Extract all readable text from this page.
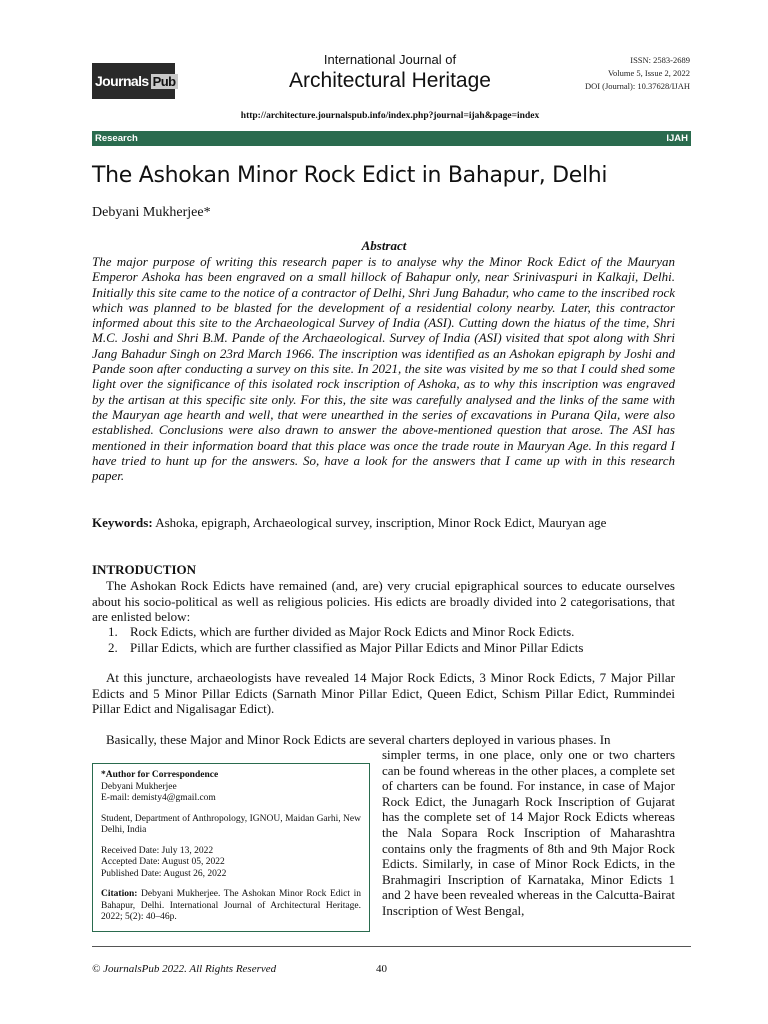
Journals Pub
International Journal of
Architectural Heritage
ISSN: 2583-2689
Volume 5, Issue 2, 2022
DOI (Journal): 10.37628/IJAH
http://architecture.journalspub.info/index.php?journal=ijah&page=index
Research	IJAH
The Ashokan Minor Rock Edict in Bahapur, Delhi
Debyani Mukherjee*
Abstract

The major purpose of writing this research paper is to analyse why the Minor Rock Edict of the Mauryan Emperor Ashoka has been engraved on a small hillock of Bahapur only, near Srinivaspuri in Kalkaji, Delhi. Initially this site came to the notice of a contractor of Delhi, Shri Jung Bahadur, who came to the inscribed rock which was planned to be blasted for the development of a residential colony nearby. Later, this contractor informed about this site to the Archaeological Survey of India (ASI). Cutting down the hiatus of the time, Shri M.C. Joshi and Shri B.M. Pande of the Archaeological. Survey of India (ASI) visited that spot along with Shri Jang Bahadur Singh on 23rd March 1966. The inscription was identified as an Ashokan epigraph by Joshi and Pande soon after conducting a survey on this site. In 2021, the site was visited by me so that I could shed some light over the significance of this isolated rock inscription of Ashoka, as to why this inscription was engraved by the artisan at this specific site only. For this, the site was carefully analysed and the links of the same with the Mauryan age hearth and well, that were unearthed in the series of excavations in Purana Qila, were also established. Conclusions were also drawn to answer the above-mentioned question that arose. The ASI has mentioned in their information board that this place was once the trade route in Mauryan Age. In this regard I have tried to hunt up for the answers. So, have a look for the answers that I came up with in this research paper.

Keywords: Ashoka, epigraph, Archaeological survey, inscription, Minor Rock Edict, Mauryan age
INTRODUCTION

The Ashokan Rock Edicts have remained (and, are) very crucial epigraphical sources to educate ourselves about his socio-political as well as religious policies. His edicts are broadly divided into 2 categorisations, that are enlisted below:

1. Rock Edicts, which are further divided as Major Rock Edicts and Minor Rock Edicts.
2. Pillar Edicts, which are further classified as Major Pillar Edicts and Minor Pillar Edicts

At this juncture, archaeologists have revealed 14 Major Rock Edicts, 3 Minor Rock Edicts, 7 Major Pillar Edicts and 5 Minor Pillar Edicts (Sarnath Minor Pillar Edict, Queen Edict, Schism Pillar Edict, Rummindei Pillar Edict and Nigalisagar Edict).

Basically, these Major and Minor Rock Edicts are several charters deployed in various phases. In

simpler terms, in one place, only one or two charters can be found whereas in the other places, a complete set of charters can be found. For instance, in case of Major Rock Edict, the Junagarh Rock Inscription of Gujarat has the complete set of 14 Major Rock Edicts whereas the Nala Sopara Rock Inscription of Maharashtra contains only the fragments of 8th and 9th Major Rock Edicts. Similarly, in case of Minor Rock Edicts, in the Brahmagiri Inscription of Karnataka, Minor Edicts 1 and 2 have been revealed whereas in the Calcutta-Bairat Inscription of West Bengal,

*Author for Correspondence
Debyani Mukherjee
E-mail: demisty4@gmail.com
Student, Department of Anthropology, IGNOU, Maidan Garhi, New Delhi, India
Received Date: July 13, 2022
Accepted Date: August 05, 2022
Published Date: August 26, 2022
Citation: Debyani Mukherjee. The Ashokan Minor Rock Edict in Bahapur, Delhi. International Journal of Architectural Heritage. 2022; 5(2): 40–46p.
© JournalsPub 2022. All Rights Reserved	40
